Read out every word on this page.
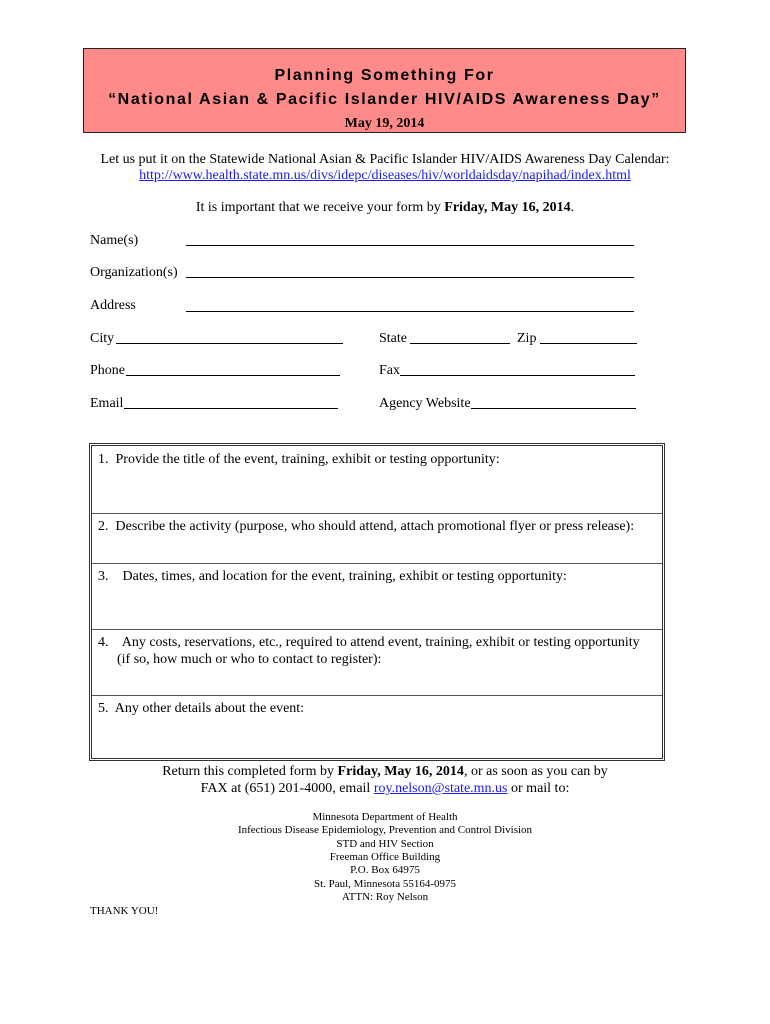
Planning Something For
“National Asian & Pacific Islander HIV/AIDS Awareness Day”
May 19, 2014
Let us put it on the Statewide National Asian & Pacific Islander HIV/AIDS Awareness Day Calendar:
http://www.health.state.mn.us/divs/idepc/diseases/hiv/worldaidsday/napihad/index.html
It is important that we receive your form by Friday, May 16, 2014.
Name(s)
Organization(s)
Address
City	State	Zip
Phone	Fax
Email	Agency Website
1. Provide the title of the event, training, exhibit or testing opportunity:
2. Describe the activity (purpose, who should attend, attach promotional flyer or press release):
3. Dates, times, and location for the event, training, exhibit or testing opportunity:
4. Any costs, reservations, etc., required to attend event, training, exhibit or testing opportunity
(if so, how much or who to contact to register):
5. Any other details about the event:
Return this completed form by Friday, May 16, 2014, or as soon as you can by
FAX at (651) 201-4000, email roy.nelson@state.mn.us or mail to:
Minnesota Department of Health
Infectious Disease Epidemiology, Prevention and Control Division
STD and HIV Section
Freeman Office Building
P.O. Box 64975
St. Paul, Minnesota 55164-0975
ATTN: Roy Nelson
THANK YOU!
